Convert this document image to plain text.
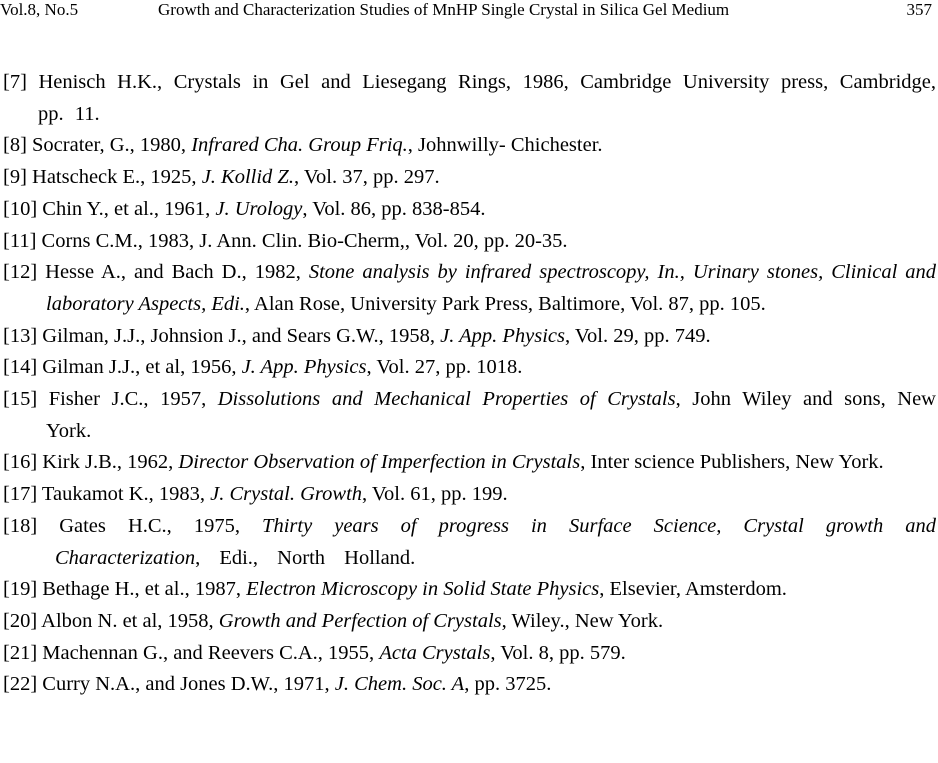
Vol.8, No.5	Growth and Characterization Studies of MnHP Single Crystal in Silica Gel Medium	357
[7] Henisch H.K., Crystals in Gel and Liesegang Rings, 1986, Cambridge University press, Cambridge, pp. 11.
[8] Socrater, G., 1980, Infrared Cha. Group Friq., Johnwilly- Chichester.
[9] Hatscheck E., 1925, J. Kollid Z., Vol. 37, pp. 297.
[10] Chin Y., et al., 1961, J. Urology, Vol. 86, pp. 838-854.
[11] Corns C.M., 1983, J. Ann. Clin. Bio-Cherm,, Vol. 20, pp. 20-35.
[12] Hesse A., and Bach D., 1982, Stone analysis by infrared spectroscopy, In., Urinary stones, Clinical and laboratory Aspects, Edi., Alan Rose, University Park Press, Baltimore, Vol. 87, pp. 105.
[13] Gilman, J.J., Johnsion J., and Sears G.W., 1958, J. App. Physics, Vol. 29, pp. 749.
[14] Gilman J.J., et al, 1956, J. App. Physics, Vol. 27, pp. 1018.
[15] Fisher J.C., 1957, Dissolutions and Mechanical Properties of Crystals, John Wiley and sons, New York.
[16] Kirk J.B., 1962, Director Observation of Imperfection in Crystals, Inter science Publishers, New York.
[17] Taukamot K., 1983, J. Crystal. Growth, Vol. 61, pp. 199.
[18] Gates H.C., 1975, Thirty years of progress in Surface Science, Crystal growth and Characterization, Edi., North Holland.
[19] Bethage H., et al., 1987, Electron Microscopy in Solid State Physics, Elsevier, Amsterdom.
[20] Albon N. et al, 1958, Growth and Perfection of Crystals, Wiley., New York.
[21] Machennan G., and Reevers C.A., 1955, Acta Crystals, Vol. 8, pp. 579.
[22] Curry N.A., and Jones D.W., 1971, J. Chem. Soc. A, pp. 3725.
